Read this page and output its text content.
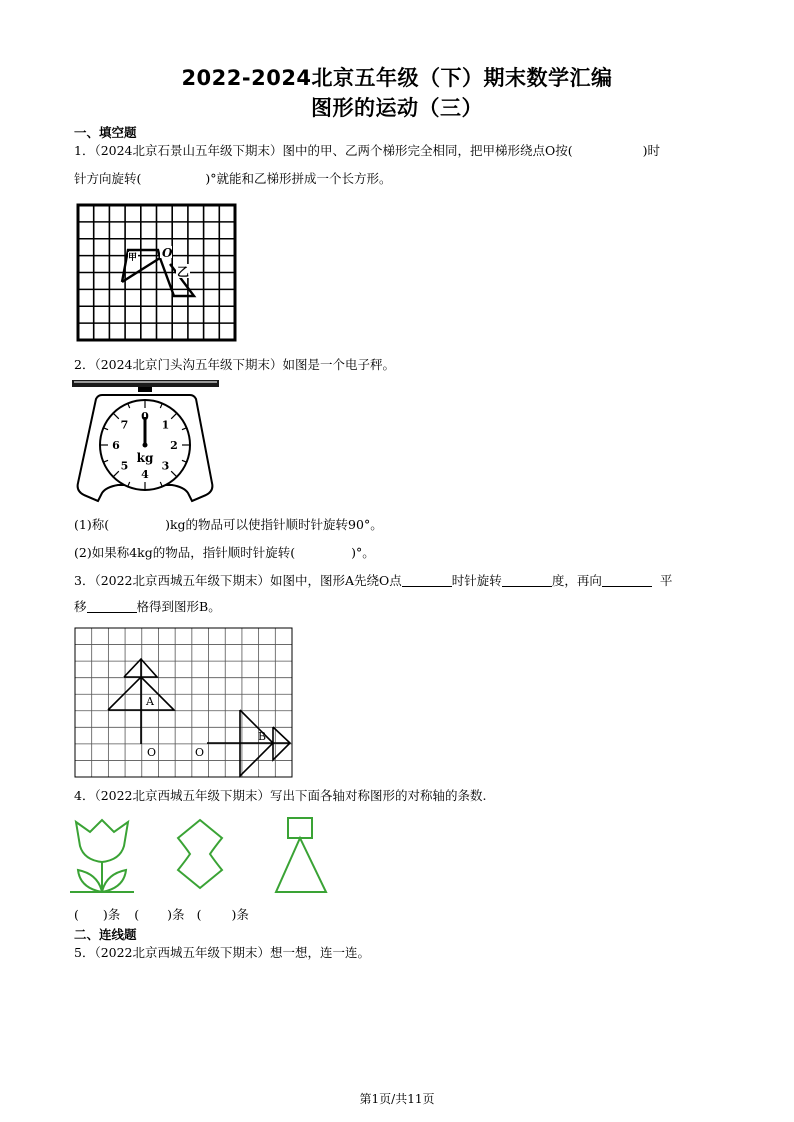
2022-2024北京五年级（下）期末数学汇编
图形的运动（三）
一、填空题
1．（2024北京石景山五年级下期末）图中的甲、乙两个梯形完全相同，把甲梯形绕点O按(	)时
针方向旋转(	)°就能和乙梯形拼成一个长方形。
甲 O
乙
2．（2024北京门头沟五年级下期末）如图是一个电子秤。
0
1
2
3
4
5
6
7
kg
(1)称(	)kg的物品可以使指针顺时针旋转90°。
(2)如果称4kg的物品，指针顺时针旋转(	)°。
3．（2022北京西城五年级下期末）如图中，图形A先绕O点	时针旋转	度，再向	平
移	格得到图形B。
A
O	O
B
4．（2022北京西城五年级下期末）写出下面各轴对称图形的对称轴的条数.
( )条 ( )条 ( )条
二、连线题
5．（2022北京西城五年级下期末）想一想，连一连。
第1页/共11页
